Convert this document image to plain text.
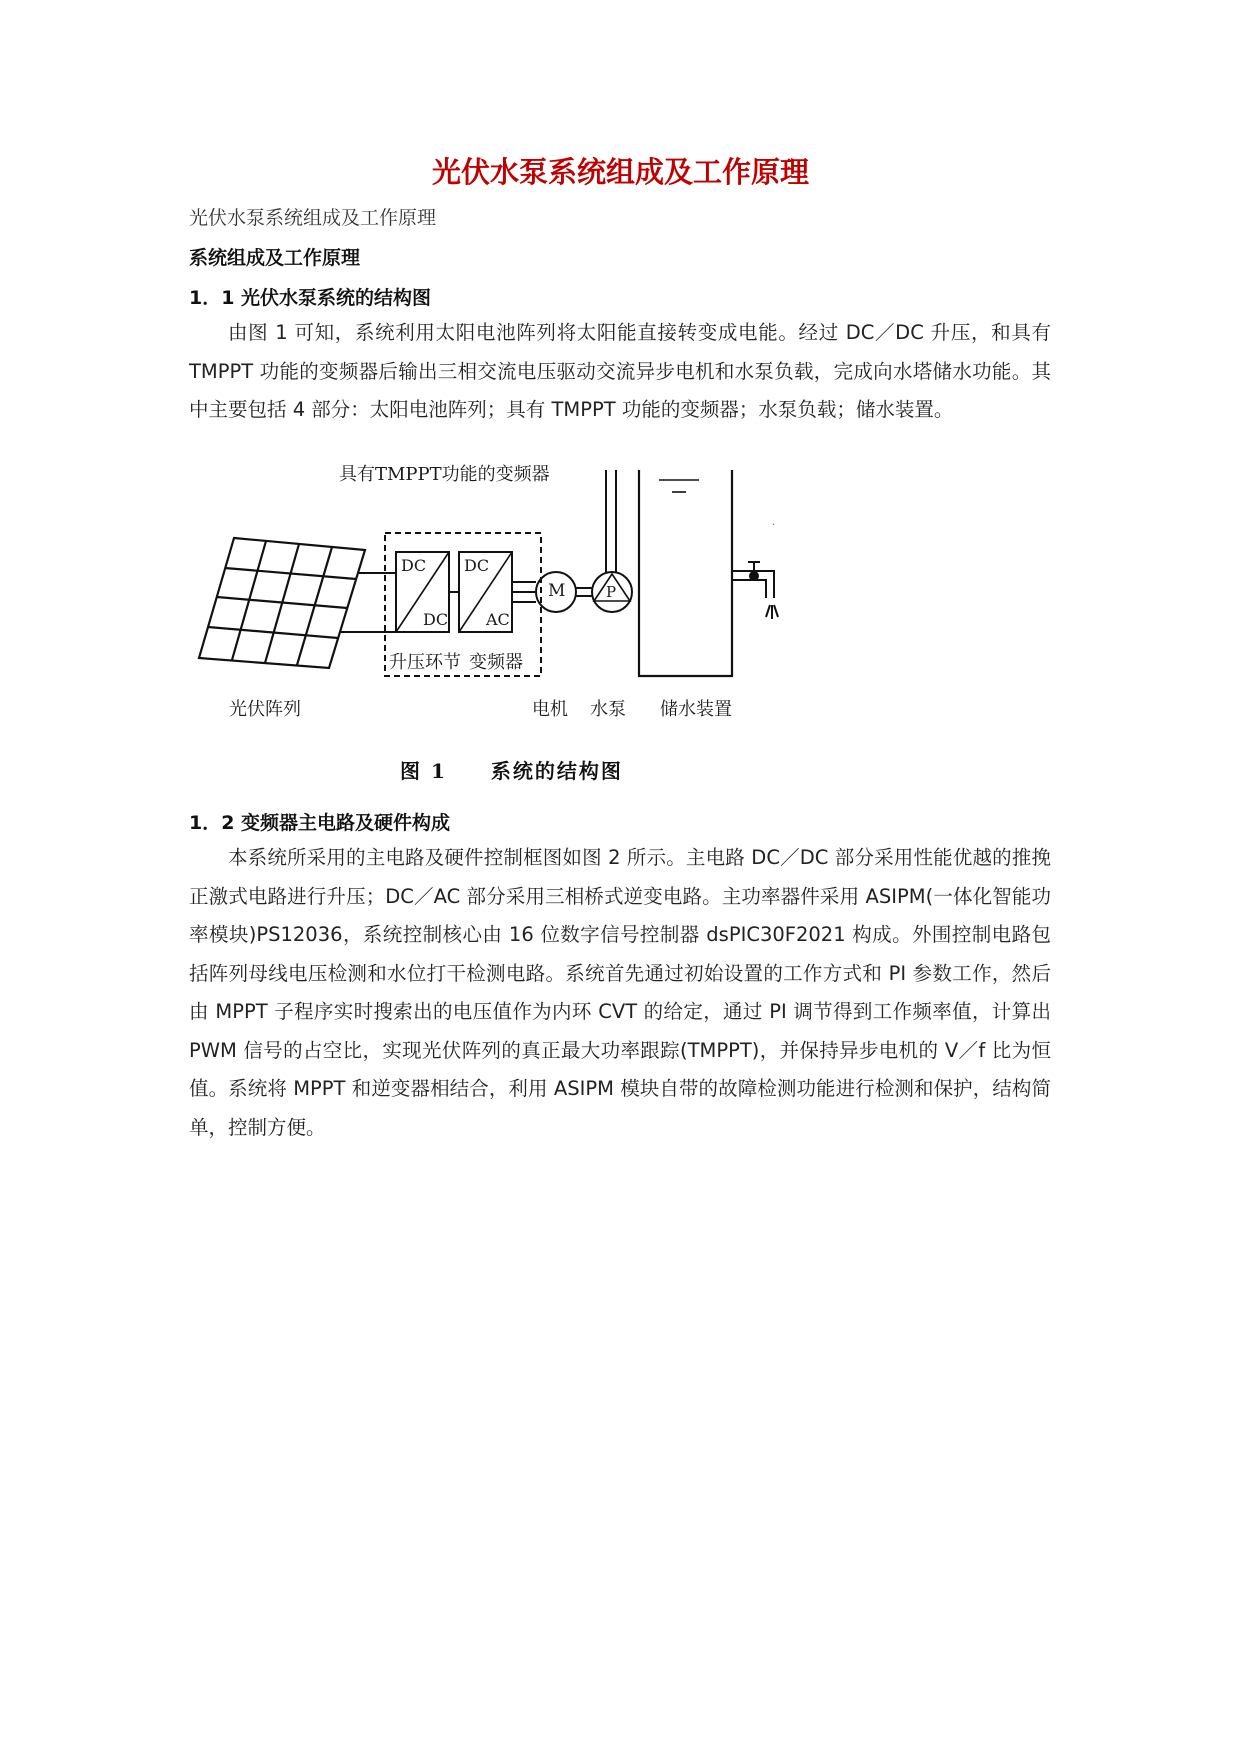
光伏水泵系统组成及工作原理

光伏水泵系统组成及工作原理

系统组成及工作原理

1．1 光伏水泵系统的结构图

由图 1 可知，系统利用太阳电池阵列将太阳能直接转变成电能。经过 DC／DC 升压，和具有 TMPPT 功能的变频器后输出三相交流电压驱动交流异步电机和水泵负载，完成向水塔储水功能。其中主要包括 4 部分：太阳电池阵列；具有 TMPPT 功能的变频器；水泵负载；储水装置。

.
具有TMPPT功能的变频器
DC
DC
DC
AC
M	P
升压环节 变频器
光伏阵列	电机 水泵 储水装置

图 1　　系统的结构图

1．2 变频器主电路及硬件构成

本系统所采用的主电路及硬件控制框图如图 2 所示。主电路 DC／DC 部分采用性能优越的推挽正激式电路进行升压；DC／AC 部分采用三相桥式逆变电路。主功率器件采用 ASIPM(一体化智能功率模块)PS12036，系统控制核心由 16 位数字信号控制器 dsPIC30F2021 构成。外围控制电路包括阵列母线电压检测和水位打干检测电路。系统首先通过初始设置的工作方式和 PI 参数工作，然后由 MPPT 子程序实时搜索出的电压值作为内环 CVT 的给定，通过 PI 调节得到工作频率值，计算出 PWM 信号的占空比，实现光伏阵列的真正最大功率跟踪(TMPPT)，并保持异步电机的 V／f 比为恒值。系统将 MPPT 和逆变器相结合，利用 ASIPM 模块自带的故障检测功能进行检测和保护，结构简单，控制方便。
